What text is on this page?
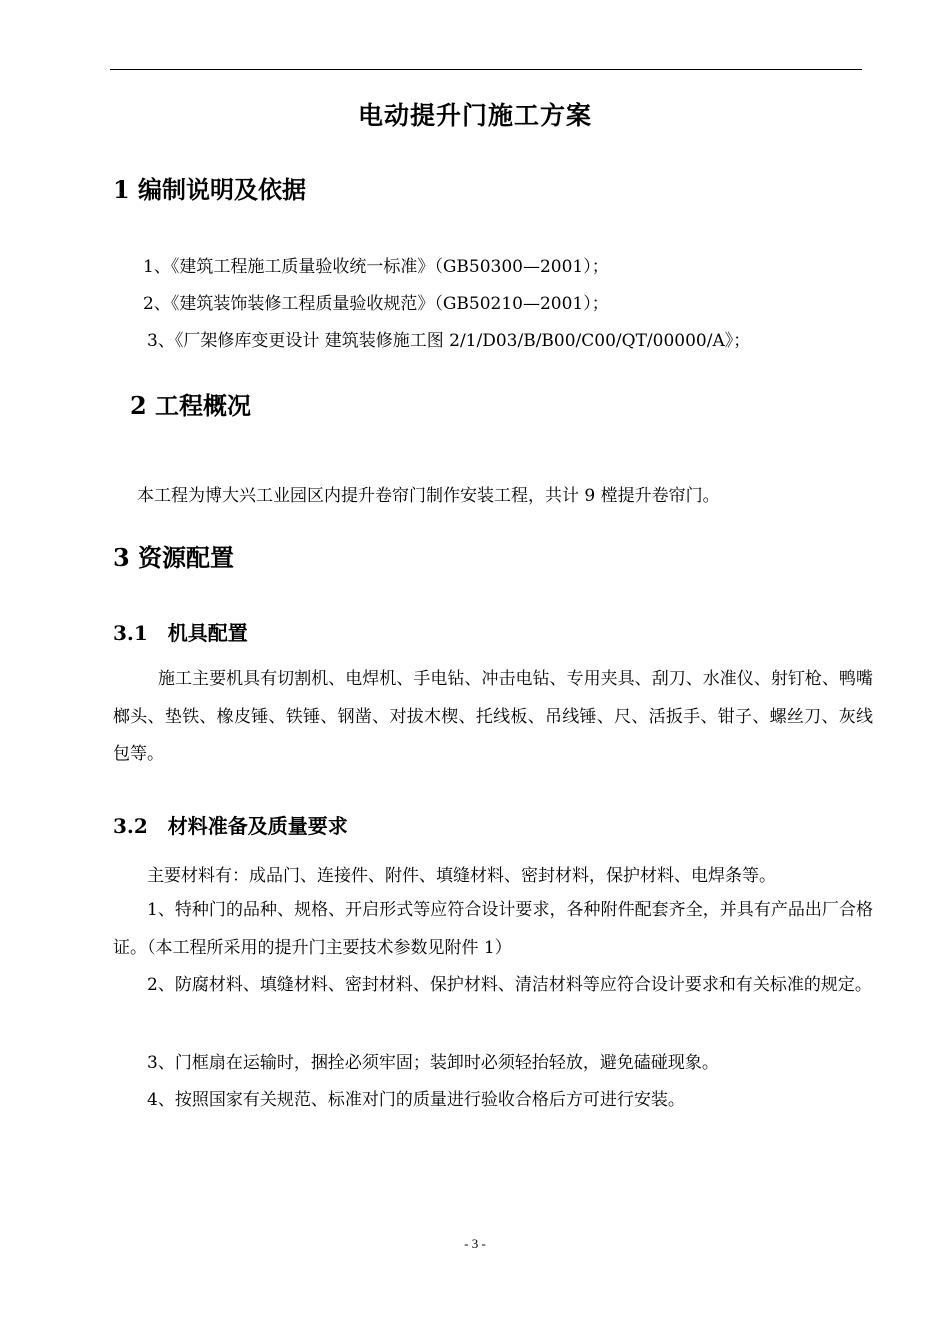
电动提升门施工方案
1 编制说明及依据
1、《建筑工程施工质量验收统一标准》（GB50300—2001）；
2、《建筑装饰装修工程质量验收规范》（GB50210—2001）；
3、《厂架修库变更设计 建筑装修施工图 2/1/D03/B/B00/C00/QT/00000/A》；
2 工程概况
本工程为博大兴工业园区内提升卷帘门制作安装工程，共计 9 樘提升卷帘门。
3 资源配置
3.1　机具配置
施工主要机具有切割机、电焊机、手电钻、冲击电钻、专用夹具、刮刀、水准仪、射钉枪、鸭嘴榔头、垫铁、橡皮锤、铁锤、钢凿、对拔木楔、托线板、吊线锤、尺、活扳手、钳子、螺丝刀、灰线包等。
3.2　材料准备及质量要求
主要材料有：成品门、连接件、附件、填缝材料、密封材料，保护材料、电焊条等。
1、特种门的品种、规格、开启形式等应符合设计要求，各种附件配套齐全，并具有产品出厂合格证。（本工程所采用的提升门主要技术参数见附件 1）
2、防腐材料、填缝材料、密封材料、保护材料、清洁材料等应符合设计要求和有关标准的规定。
3、门框扇在运输时，捆拴必须牢固；装卸时必须轻抬轻放，避免磕碰现象。
4、按照国家有关规范、标准对门的质量进行验收合格后方可进行安装。
- 3 -
